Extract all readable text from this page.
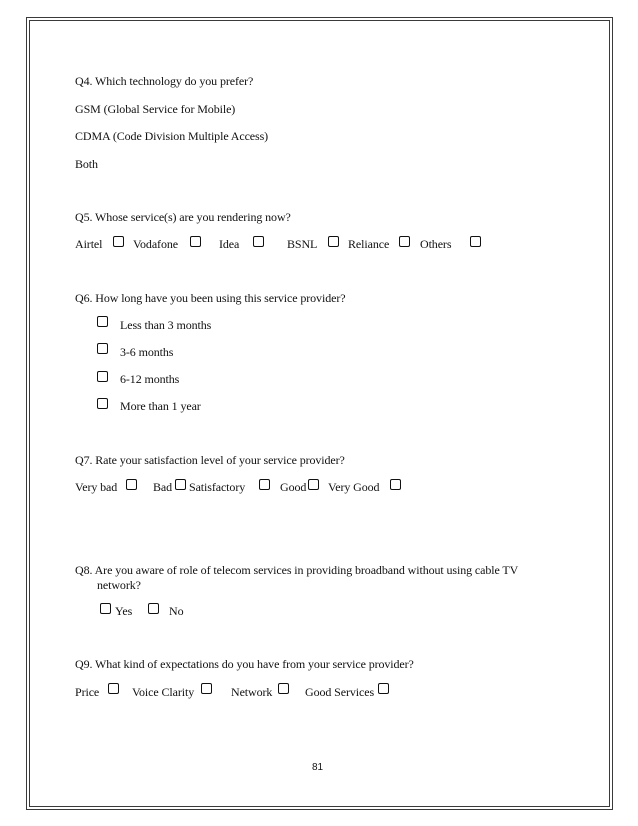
Q4. Which technology do you prefer?
GSM (Global Service for Mobile)
CDMA (Code Division Multiple Access)
Both
Q5. Whose service(s) are you rendering now?
Airtel	Vodafone	Idea	BSNL	Reliance	Others
Q6. How long have you been using this service provider?
Less than 3 months
3-6 months
6-12 months
More than 1 year
Q7. Rate your satisfaction level of your service provider?
Very bad	Bad Satisfactory	Good Very Good
Q8. Are you aware of role of telecom services in providing broadband without using cable TV
network?
Yes	No
Q9. What kind of expectations do you have from your service provider?
Price	Voice Clarity	Network	Good Services
81
